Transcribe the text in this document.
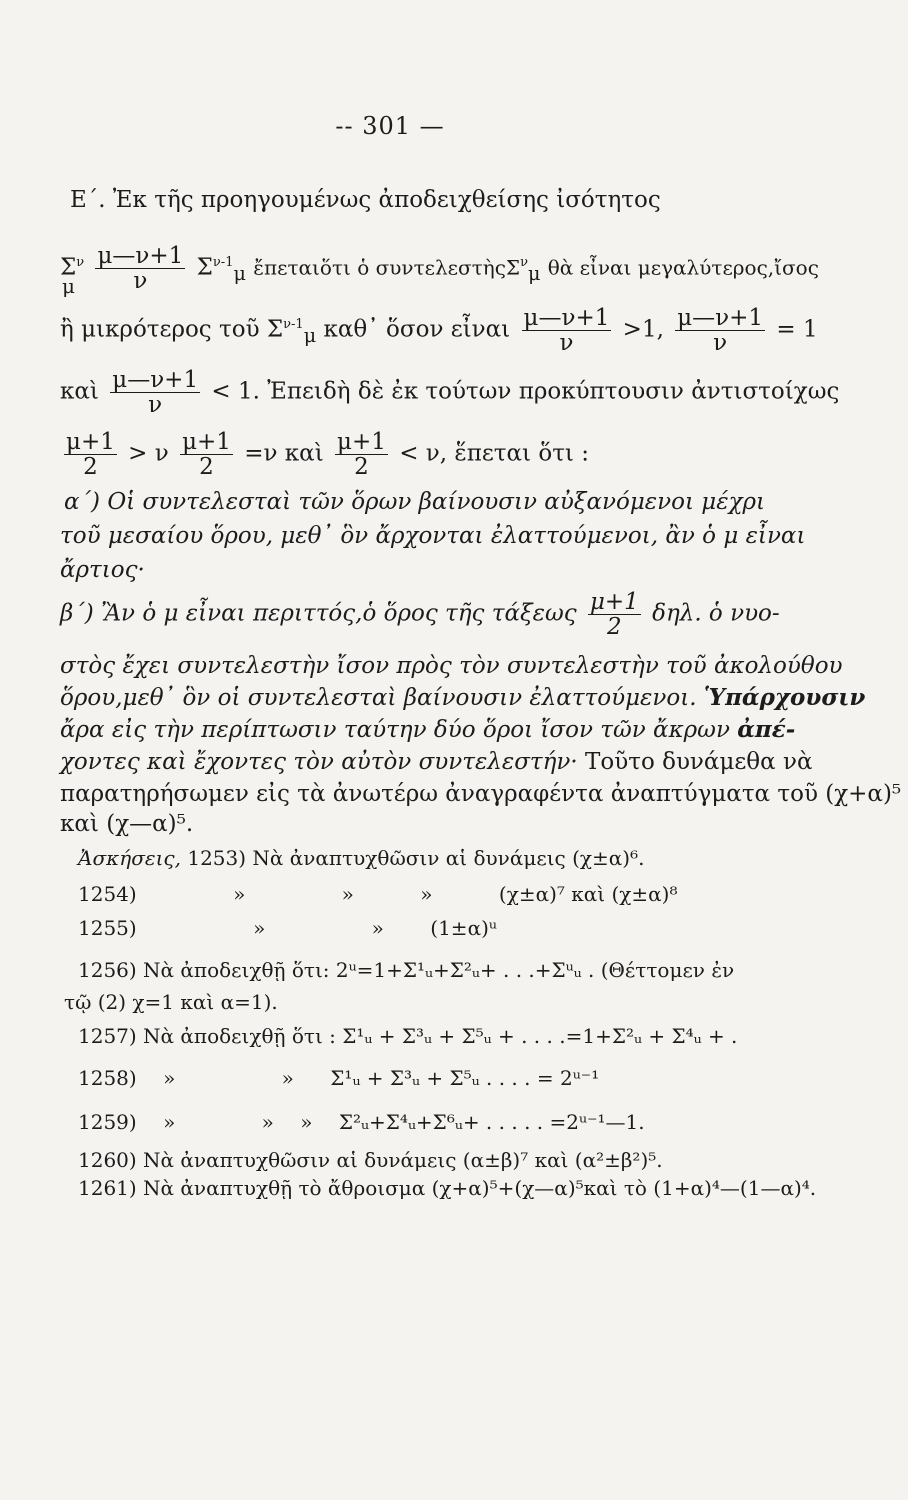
-- 301 —
Ε΄. Ἐκ τῆς προηγουμένως ἀποδειχθείσης ἰσότητος
$\Sigma^\nu \frac{\mu—\nu+1}{\nu} \Sigma^{\nu-1}_\mu$ ἔπεταιὅτι ὁ συντελεστὴςΣ$^\nu_\mu$ θὰ εἶναι μεγαλύτερος,ἴσος
μ
ἢ μικρότερος τοῦ $\Sigma^{\nu-1}_\mu$ καθ᾽ ὅσον εἶναι $\frac{\mu—\nu+1}{\nu} >1$, $\frac{\mu—\nu+1}{\nu} = 1$
καὶ $\frac{\mu—\nu+1}{\nu} < 1$. Ἐπειδὴ δὲ ἐκ τούτων προκύπτουσιν ἀντιστοίχως
$\frac{\mu+1}{2} > \nu \frac{\mu+1}{2} =\nu$ καὶ $\frac{\mu+1}{2} < \nu$, ἕπεται ὅτι :
α΄) Οἱ συντελεσταὶ τῶν ὅρων βαίνουσιν αὐξανόμενοι μέχρι
τοῦ μεσαίου ὅρου, μεθ᾽ ὃν ἄρχονται ἐλαττούμενοι, ἂν ὁ μ εἶναι
ἄρτιος·
β΄) Ἂν ὁ μ εἶναι περιττός,ὁ ὅρος τῆς τάξεως $\frac{\mu+1}{2} \delta\eta\lambda$. ὁ νυο-
στὸς ἔχει συντελεστὴν ἴσον πρὸς τὸν συντελεστὴν τοῦ ἀκολούθου
ὅρου,μεθ᾽ ὃν οἱ συντελεσταὶ βαίνουσιν ἐλαττούμενοι. Ὑπάρχουσιν
ἄρα εἰς τὴν περίπτωσιν ταύτην δύο ὅροι ἴσον τῶν ἄκρων ἀπέ-
χοντες καὶ ἔχοντες τὸν αὐτὸν συντελεστήν· Τοῦτο δυνάμεθα νὰ
παρατηρήσωμεν εἰς τὰ ἀνωτέρω ἀναγραφέντα ἀναπτύγματα τοῦ (χ+α)⁵
καὶ (χ—α)⁵.
Ἀσκήσεις, 1253) Νὰ ἀναπτυχθῶσιν αἱ δυνάμεις (χ±α)⁶.
1254)	»	»	»	(χ±α)⁷ καὶ (χ±α)⁸
1255)	»	» (1±α)ᵘ
1256) Νὰ ἀποδειχθῇ ὅτι: 2ᵘ=1+Σ¹ᵤ+Σ²ᵤ+ . . .+Σᵘᵤ . (Θέττομεν ἐν
τῷ (2) χ=1 καὶ α=1).
1257) Νὰ ἀποδειχθῇ ὅτι : Σ¹ᵤ + Σ³ᵤ + Σ⁵ᵤ + . . . .=1+Σ²ᵤ + Σ⁴ᵤ + .
1258) »	» Σ¹ᵤ + Σ³ᵤ + Σ⁵ᵤ . . . . = 2ᵘ⁻¹
1259) »	» » Σ²ᵤ+Σ⁴ᵤ+Σ⁶ᵤ+ . . . . . =2ᵘ⁻¹—1.
1260) Νὰ ἀναπτυχθῶσιν αἱ δυνάμεις (α±β)⁷ καὶ (α²±β²)⁵.
1261) Νὰ ἀναπτυχθῇ τὸ ἄθροισμα (χ+α)⁵+(χ—α)⁵καὶ τὸ (1+α)⁴—(1—α)⁴.
